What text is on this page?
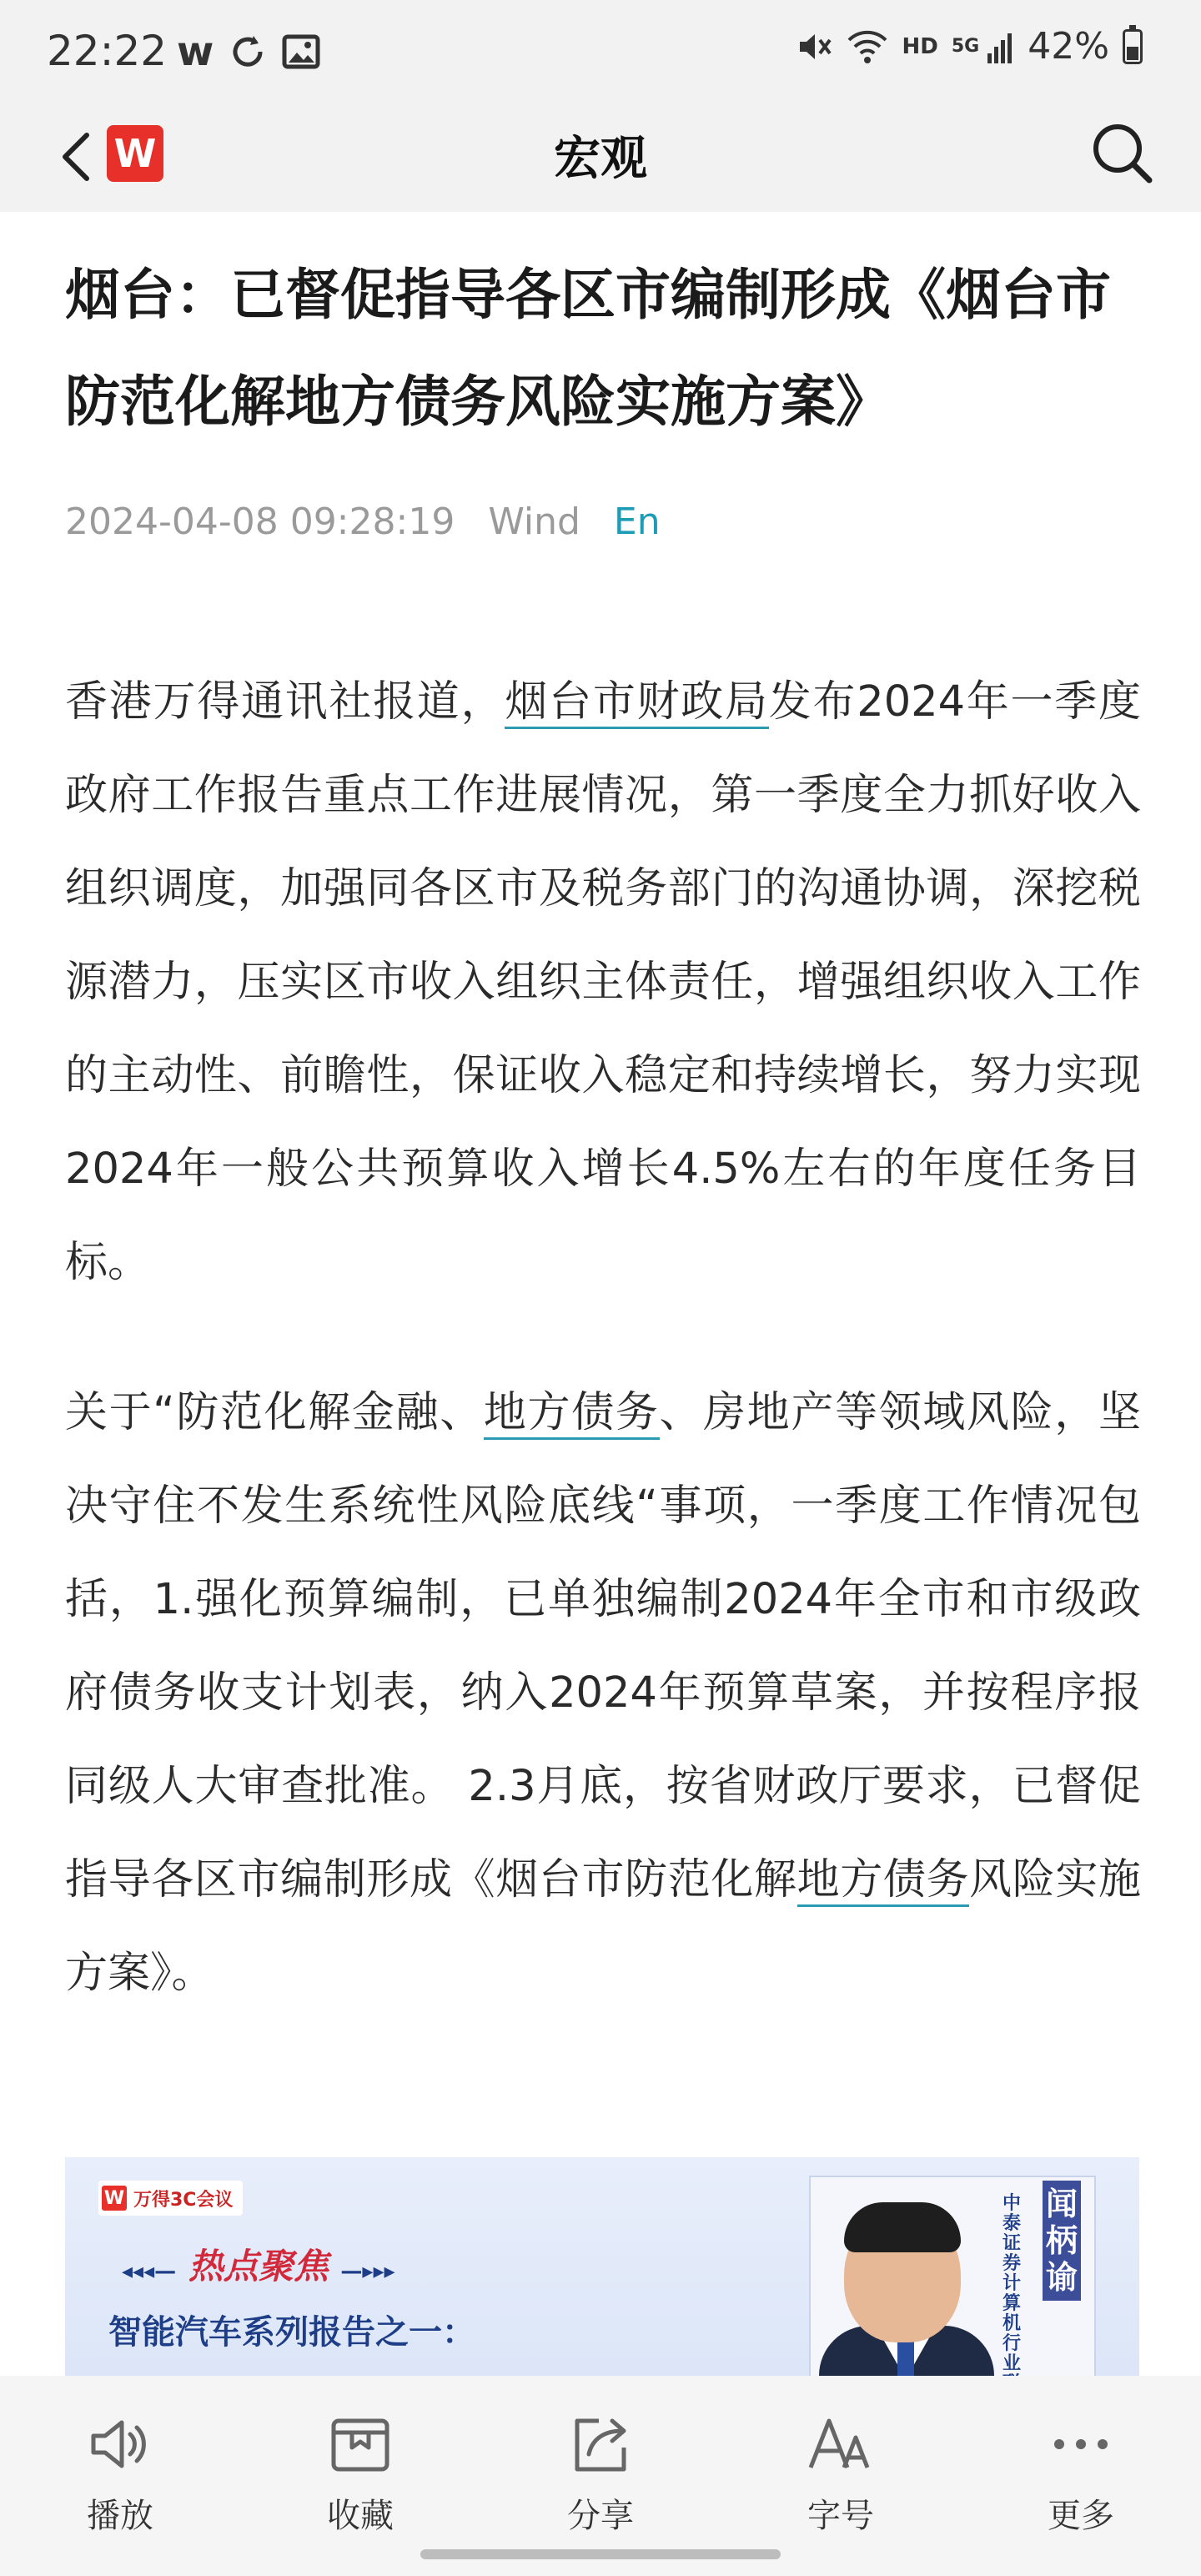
22:22 w	HD 5G 42%
W	宏观
烟台：已督促指导各区市编制形成《烟台市防范化解地方债务风险实施方案》
2024-04-08 09:28:19 Wind En

香港万得通讯社报道，烟台市财政局发布2024年一季度政府工作报告重点工作进展情况，第一季度全力抓好收入组织调度，加强同各区市及税务部门的沟通协调，深挖税源潜力，压实区市收入组织主体责任，增强组织收入工作的主动性、前瞻性，保证收入稳定和持续增长，努力实现2024年一般公共预算收入增长4.5%左右的年度任务目标。

关于“防范化解金融、地方债务、房地产等领域风险，坚决守住不发生系统性风险底线“事项，一季度工作情况包括，1.强化预算编制，已单独编制2024年全市和市级政府债务收支计划表，纳入2024年预算草案，并按程序报同级人大审查批准。 2.3月底，按省财政厅要求，已督促指导各区市编制形成《烟台市防范化解地方债务风险实施方案》。

W 万得3C会议
◂◂◂— 热点聚焦 —▸▸▸
智能汽车系列报告之一：
中泰证券计算机行业
闻柄谕
播放	收藏	分享	字号	更多
